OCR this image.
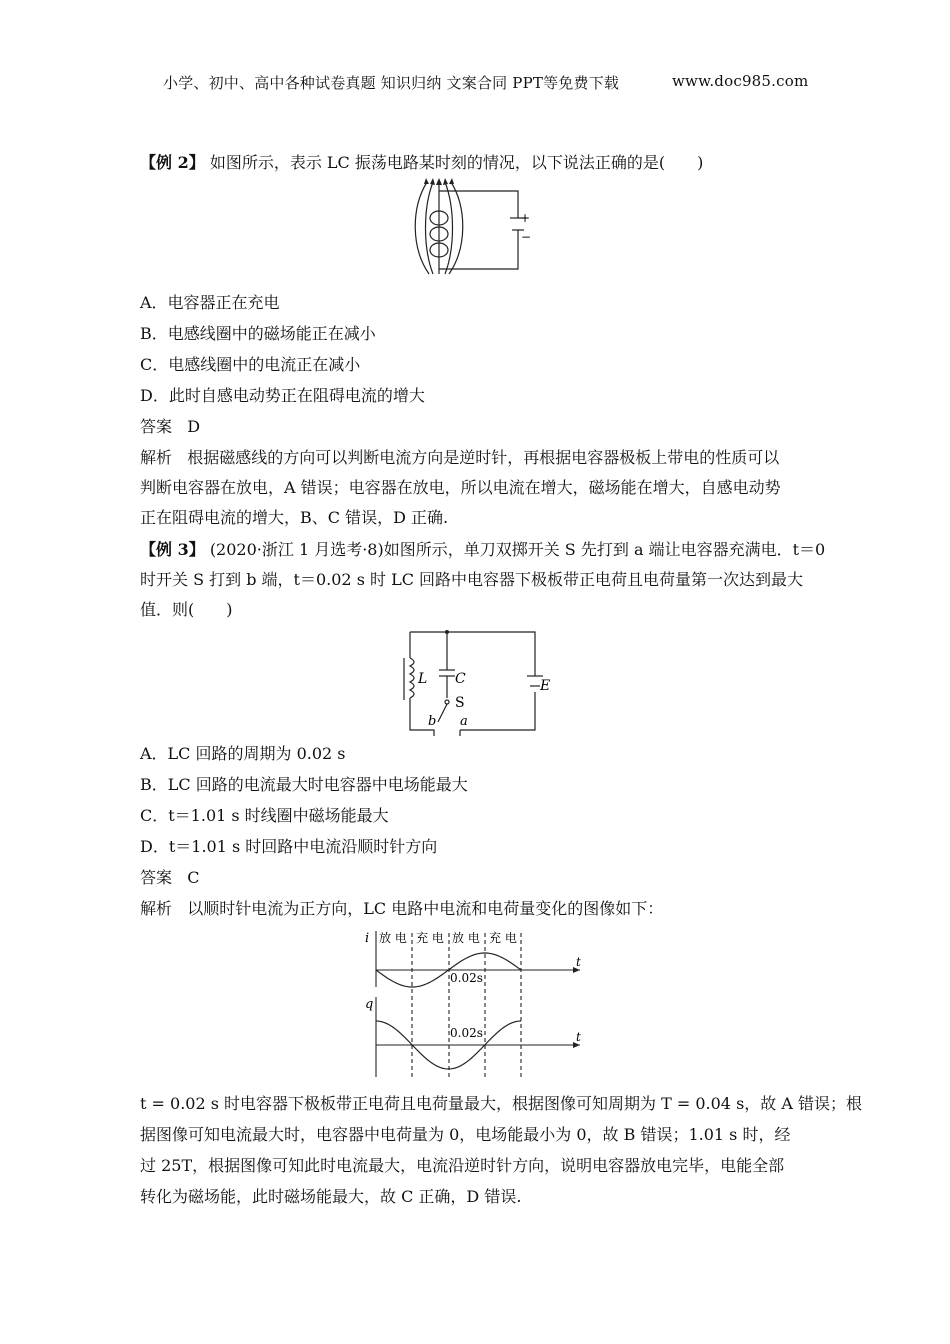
小学、初中、高中各种试卷真题 知识归纳 文案合同 PPT等免费下载	www.doc985.com
【例 2】 如图所示，表示 LC 振荡电路某时刻的情况，以下说法正确的是(　　)
+
−
A．电容器正在充电
B．电感线圈中的磁场能正在减小
C．电感线圈中的电流正在减小
D．此时自感电动势正在阻碍电流的增大
答案 D
解析 根据磁感线的方向可以判断电流方向是逆时针，再根据电容器极板上带电的性质可以
判断电容器在放电，A 错误；电容器在放电，所以电流在增大，磁场能在增大，自感电动势
正在阻碍电流的增大，B、C 错误，D 正确.
【例 3】 (2020·浙江 1 月选考·8)如图所示，单刀双掷开关 S 先打到 a 端让电容器充满电．t＝0
时开关 S 打到 b 端，t＝0.02 s 时 LC 回路中电容器下极板带正电荷且电荷量第一次达到最大
值．则(　　)
L C
S
E
b a
A．LC 回路的周期为 0.02 s
B．LC 回路的电流最大时电容器中电场能最大
C．t＝1.01 s 时线圈中磁场能最大
D．t＝1.01 s 时回路中电流沿顺时针方向
答案 C
解析 以顺时针电流为正方向，LC 电路中电流和电荷量变化的图像如下：
i
q
t
t
放 电 充 电 放 电 充 电
0.02s
0.02s
t = 0.02 s 时电容器下极板带正电荷且电荷量最大，根据图像可知周期为 T = 0.04 s，故 A 错误；根
据图像可知电流最大时，电容器中电荷量为 0，电场能最小为 0，故 B 错误；1.01 s 时，经
过 25T，根据图像可知此时电流最大，电流沿逆时针方向，说明电容器放电完毕，电能全部
转化为磁场能，此时磁场能最大，故 C 正确，D 错误.
